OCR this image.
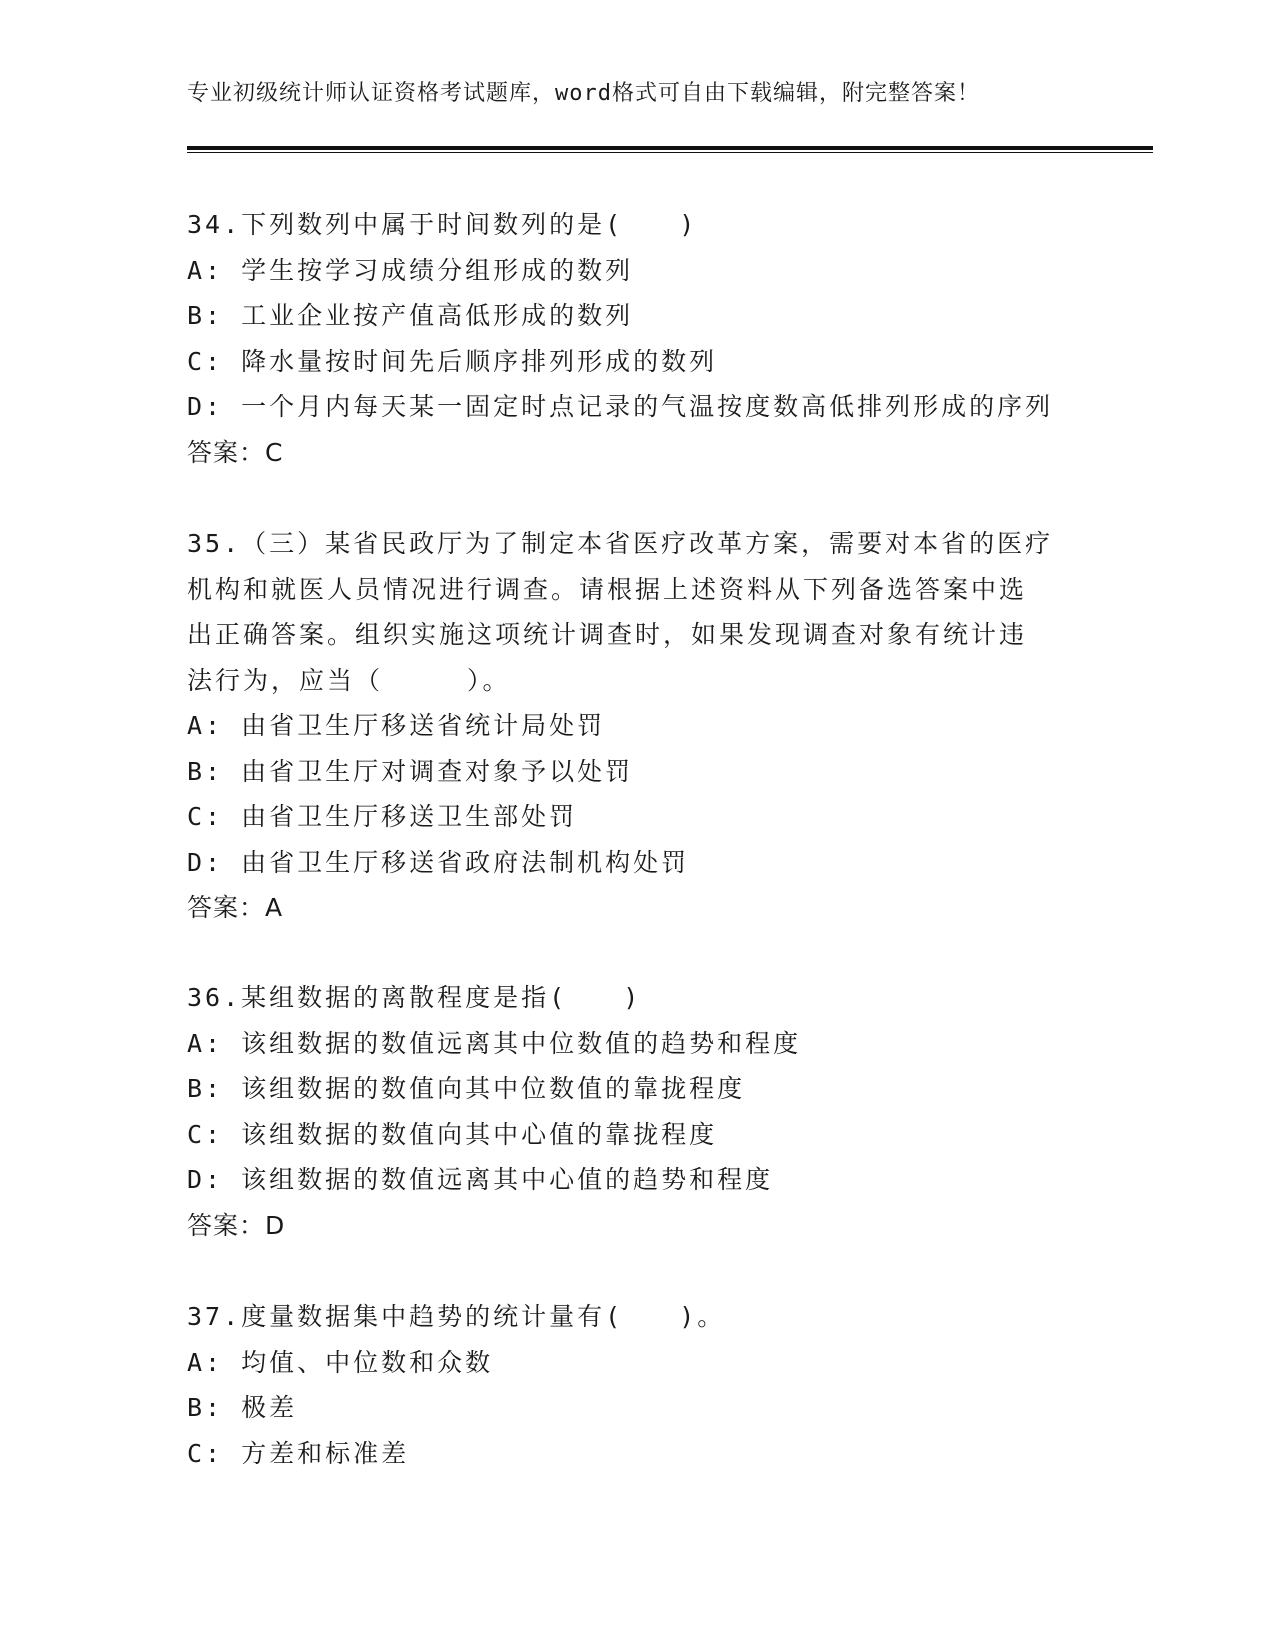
专业初级统计师认证资格考试题库，word格式可自由下载编辑，附完整答案！
34.下列数列中属于时间数列的是(　　)
A: 学生按学习成绩分组形成的数列
B: 工业企业按产值高低形成的数列
C: 降水量按时间先后顺序排列形成的数列
D: 一个月内每天某一固定时点记录的气温按度数高低排列形成的序列
答案：C
35.（三）某省民政厅为了制定本省医疗改革方案，需要对本省的医疗
机构和就医人员情况进行调查。请根据上述资料从下列备选答案中选
出正确答案。组织实施这项统计调查时，如果发现调查对象有统计违
法行为，应当（　　　）。
A: 由省卫生厅移送省统计局处罚
B: 由省卫生厅对调查对象予以处罚
C: 由省卫生厅移送卫生部处罚
D: 由省卫生厅移送省政府法制机构处罚
答案：A
36.某组数据的离散程度是指(　　)
A: 该组数据的数值远离其中位数值的趋势和程度
B: 该组数据的数值向其中位数值的靠拢程度
C: 该组数据的数值向其中心值的靠拢程度
D: 该组数据的数值远离其中心值的趋势和程度
答案：D
37.度量数据集中趋势的统计量有(　　)。
A: 均值、中位数和众数
B: 极差
C: 方差和标准差
